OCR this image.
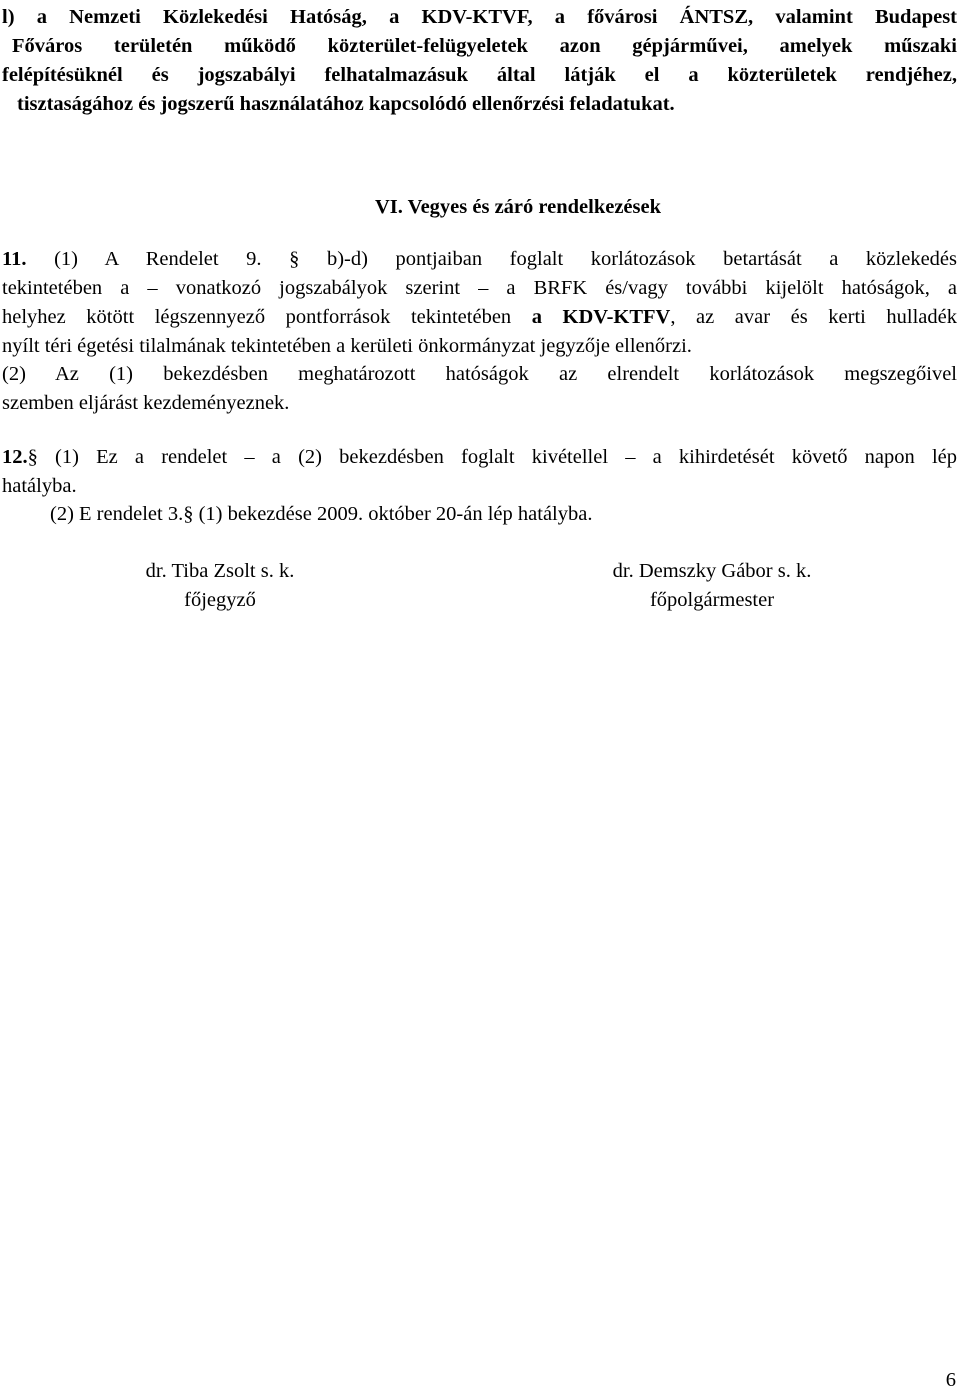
l) a Nemzeti Közlekedési Hatóság, a KDV-KTVF, a fővárosi ÁNTSZ, valamint Budapest
Főváros területén működő közterület-felügyeletek azon gépjárművei, amelyek műszaki
felépítésüknél és jogszabályi felhatalmazásuk által látják el a közterületek rendjéhez,
tisztaságához és jogszerű használatához kapcsolódó ellenőrzési feladatukat.

VI. Vegyes és záró rendelkezések

11. (1) A Rendelet 9. § b)-d) pontjaiban foglalt korlátozások betartását a közlekedés
tekintetében a – vonatkozó jogszabályok szerint – a BRFK és/vagy további kijelölt hatóságok, a
helyhez kötött légszennyező pontforrások tekintetében a KDV-KTFV, az avar és kerti hulladék
nyílt téri égetési tilalmának tekintetében a kerületi önkormányzat jegyzője ellenőrzi.

(2) Az (1) bekezdésben meghatározott hatóságok az elrendelt korlátozások megszegőivel
szemben eljárást kezdeményeznek.

12.§ (1) Ez a rendelet – a (2) bekezdésben foglalt kivétellel – a kihirdetését követő napon lép
hatályba.

(2) E rendelet 3.§ (1) bekezdése 2009. október 20-án lép hatályba.

dr. Tiba Zsolt s. k.
főjegyző
dr. Demszky Gábor s. k.
főpolgármester
6
